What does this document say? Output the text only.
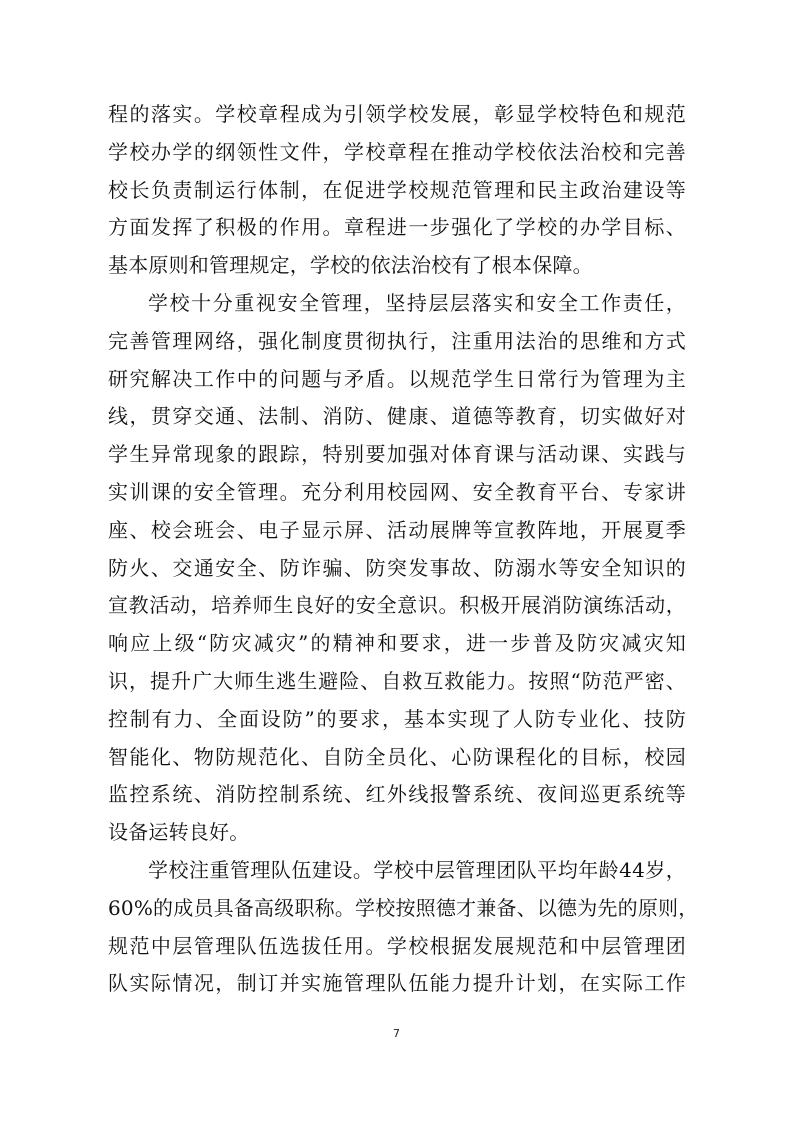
程的落实。学校章程成为引领学校发展，彰显学校特色和规范
学校办学的纲领性文件，学校章程在推动学校依法治校和完善
校长负责制运行体制，在促进学校规范管理和民主政治建设等
方面发挥了积极的作用。章程进一步强化了学校的办学目标、
基本原则和管理规定，学校的依法治校有了根本保障。
学校十分重视安全管理，坚持层层落实和安全工作责任，
完善管理网络，强化制度贯彻执行，注重用法治的思维和方式
研究解决工作中的问题与矛盾。以规范学生日常行为管理为主
线，贯穿交通、法制、消防、健康、道德等教育，切实做好对
学生异常现象的跟踪，特别要加强对体育课与活动课、实践与
实训课的安全管理。充分利用校园网、安全教育平台、专家讲
座、校会班会、电子显示屏、活动展牌等宣教阵地，开展夏季
防火、交通安全、防诈骗、防突发事故、防溺水等安全知识的
宣教活动，培养师生良好的安全意识。积极开展消防演练活动，
响应上级“防灾减灾”的精神和要求，进一步普及防灾减灾知
识，提升广大师生逃生避险、自救互救能力。按照“防范严密、
控制有力、全面设防”的要求，基本实现了人防专业化、技防
智能化、物防规范化、自防全员化、心防课程化的目标，校园
监控系统、消防控制系统、红外线报警系统、夜间巡更系统等
设备运转良好。
学校注重管理队伍建设。学校中层管理团队平均年龄44岁，
60%的成员具备高级职称。学校按照德才兼备、以德为先的原则，
规范中层管理队伍选拔任用。学校根据发展规范和中层管理团
队实际情况，制订并实施管理队伍能力提升计划，在实际工作
7
